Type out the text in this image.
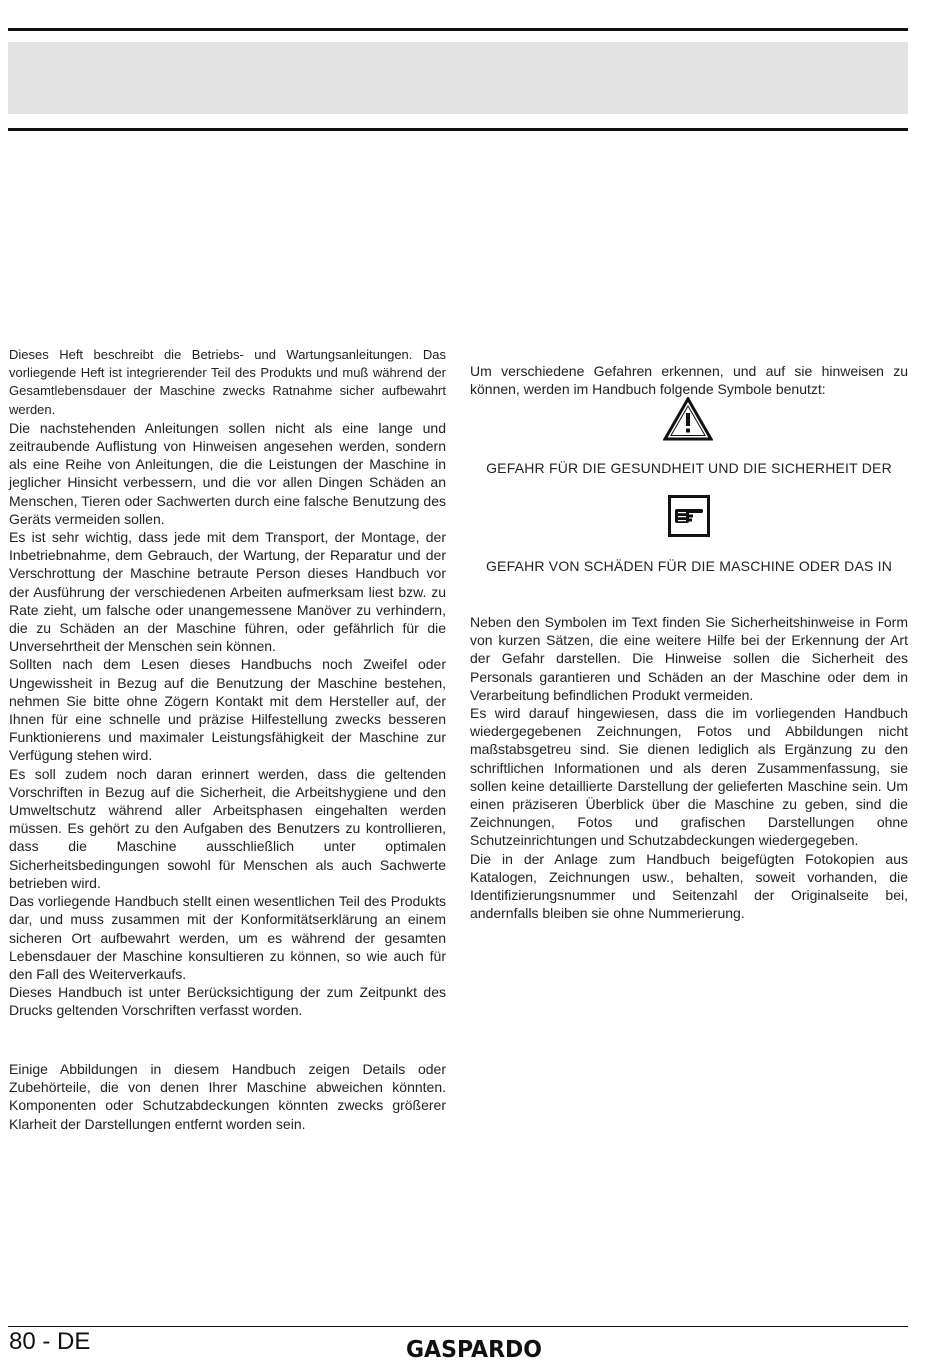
Dieses Heft beschreibt die Betriebs- und Wartungsanleitungen. Das vorliegende Heft ist integrierender Teil des Produkts und muß während der Gesamtlebensdauer der Maschine zwecks Ratnahme sicher aufbewahrt werden.

Die nachstehenden Anleitungen sollen nicht als eine lange und zeitraubende Auflistung von Hinweisen angesehen werden, sondern als eine Reihe von Anleitungen, die die Leistungen der Maschine in jeglicher Hinsicht verbessern, und die vor allen Dingen Schäden an Menschen, Tieren oder Sachwerten durch eine falsche Benutzung des Geräts vermeiden sollen.

Es ist sehr wichtig, dass jede mit dem Transport, der Montage, der Inbetriebnahme, dem Gebrauch, der Wartung, der Reparatur und der Verschrottung der Maschine betraute Person dieses Handbuch vor der Ausführung der verschiedenen Arbeiten aufmerksam liest bzw. zu Rate zieht, um falsche oder unangemessene Manöver zu verhindern, die zu Schäden an der Maschine führen, oder gefährlich für die Unversehrtheit der Menschen sein können.

Sollten nach dem Lesen dieses Handbuchs noch Zweifel oder Ungewissheit in Bezug auf die Benutzung der Maschine bestehen, nehmen Sie bitte ohne Zögern Kontakt mit dem Hersteller auf, der Ihnen für eine schnelle und präzise Hilfestellung zwecks besseren Funktionierens und maximaler Leistungsfähigkeit der Maschine zur Verfügung stehen wird.

Es soll zudem noch daran erinnert werden, dass die geltenden Vorschriften in Bezug auf die Sicherheit, die Arbeitshygiene und den Umweltschutz während aller Arbeitsphasen eingehalten werden müssen. Es gehört zu den Aufgaben des Benutzers zu kontrollieren, dass die Maschine ausschließlich unter optimalen Sicherheitsbedingungen sowohl für Menschen als auch Sachwerte betrieben wird.

Das vorliegende Handbuch stellt einen wesentlichen Teil des Produkts dar, und muss zusammen mit der Konformitätserklärung an einem sicheren Ort aufbewahrt werden, um es während der gesamten Lebensdauer der Maschine konsultieren zu können, so wie auch für den Fall des Weiterverkaufs.

Dieses Handbuch ist unter Berücksichtigung der zum Zeitpunkt des Drucks geltenden Vorschriften verfasst worden.

Einige Abbildungen in diesem Handbuch zeigen Details oder Zubehörteile, die von denen Ihrer Maschine abweichen könnten. Komponenten oder Schutzabdeckungen könnten zwecks größerer Klarheit der Darstellungen entfernt worden sein.

Um verschiedene Gefahren erkennen, und auf sie hinweisen zu können, werden im Handbuch folgende Symbole benutzt:

GEFAHR FÜR DIE GESUNDHEIT UND DIE SICHERHEIT DER
GEFAHR VON SCHÄDEN FÜR DIE MASCHINE ODER DAS IN

Neben den Symbolen im Text finden Sie Sicherheitshinweise in Form von kurzen Sätzen, die eine weitere Hilfe bei der Erkennung der Art der Gefahr darstellen. Die Hinweise sollen die Sicherheit des Personals garantieren und Schäden an der Maschine oder dem in Verarbeitung befindlichen Produkt vermeiden.

Es wird darauf hingewiesen, dass die im vorliegenden Handbuch wiedergegebenen Zeichnungen, Fotos und Abbildungen nicht maßstabsgetreu sind. Sie dienen lediglich als Ergänzung zu den schriftlichen Informationen und als deren Zusammenfassung, sie sollen keine detaillierte Darstellung der gelieferten Maschine sein. Um einen präziseren Überblick über die Maschine zu geben, sind die Zeichnungen, Fotos und grafischen Darstellungen ohne Schutzeinrichtungen und Schutzabdeckungen wiedergegeben.

Die in der Anlage zum Handbuch beigefügten Fotokopien aus Katalogen, Zeichnungen usw., behalten, soweit vorhanden, die Identifizierungsnummer und Seitenzahl der Originalseite bei, andernfalls bleiben sie ohne Nummerierung.

80 - DE	GASPARDO
